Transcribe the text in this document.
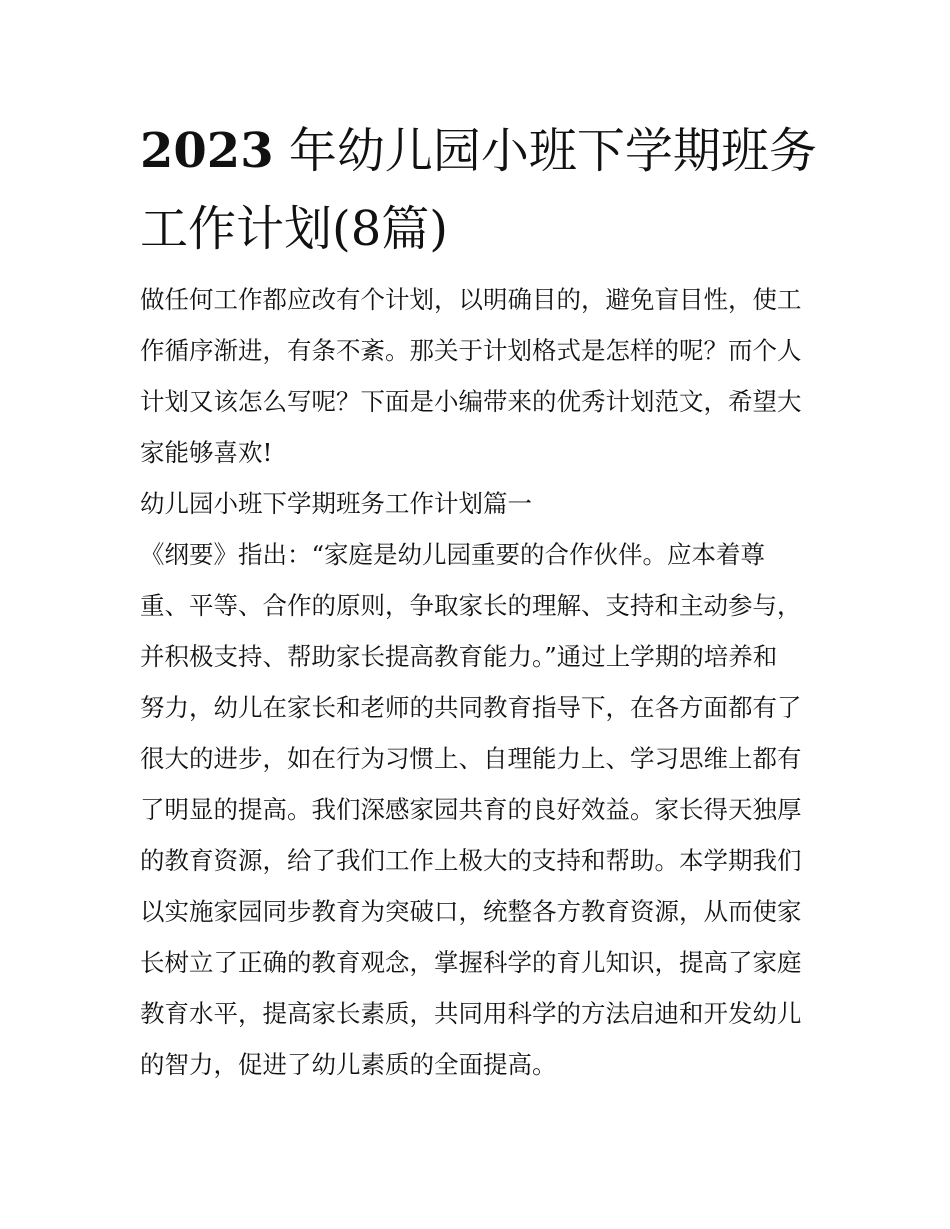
2023 年幼儿园小班下学期班务
工作计划(8篇)
做任何工作都应改有个计划，以明确目的，避免盲目性，使工
作循序渐进，有条不紊。那关于计划格式是怎样的呢？而个人
计划又该怎么写呢？下面是小编带来的优秀计划范文，希望大
家能够喜欢!
幼儿园小班下学期班务工作计划篇一
《纲要》指出：“家庭是幼儿园重要的合作伙伴。应本着尊
重、平等、合作的原则，争取家长的理解、支持和主动参与，
并积极支持、帮助家长提高教育能力。”通过上学期的培养和
努力，幼儿在家长和老师的共同教育指导下，在各方面都有了
很大的进步，如在行为习惯上、自理能力上、学习思维上都有
了明显的提高。我们深感家园共育的良好效益。家长得天独厚
的教育资源，给了我们工作上极大的支持和帮助。本学期我们
以实施家园同步教育为突破口，统整各方教育资源，从而使家
长树立了正确的教育观念，掌握科学的育儿知识，提高了家庭
教育水平，提高家长素质，共同用科学的方法启迪和开发幼儿
的智力，促进了幼儿素质的全面提高。
